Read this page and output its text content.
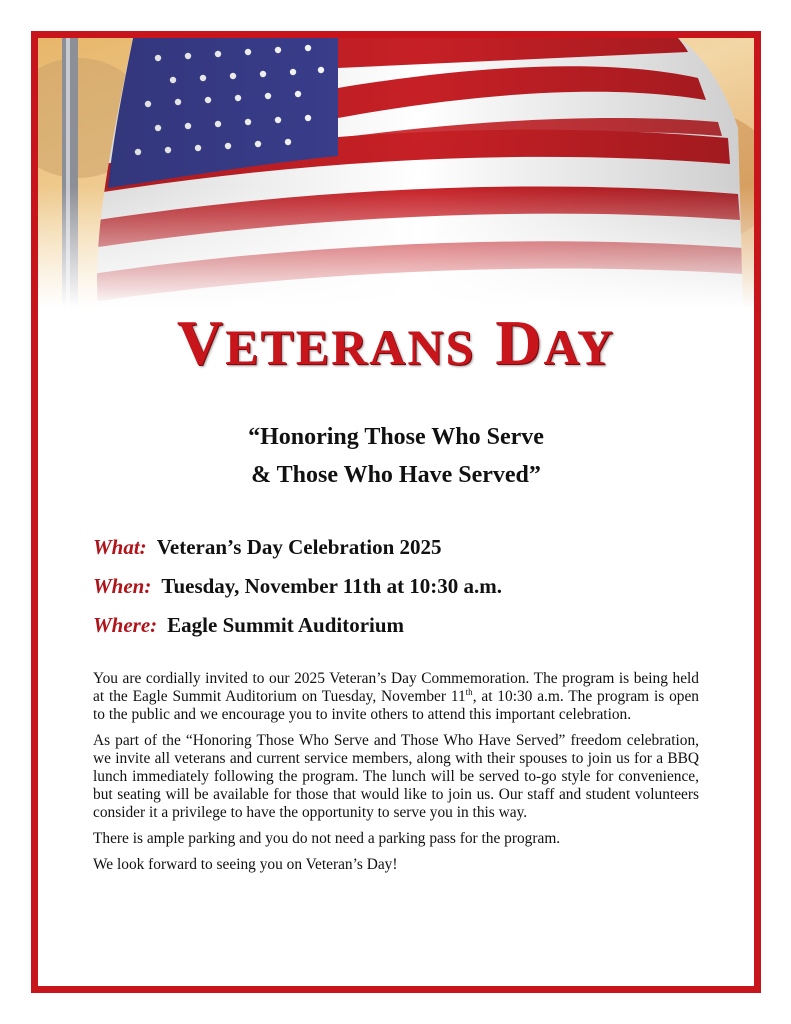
VETERANS DAY
“Honoring Those Who Serve
& Those Who Have Served”
What: Veteran’s Day Celebration 2025
When: Tuesday, November 11th at 10:30 a.m.
Where: Eagle Summit Auditorium

You are cordially invited to our 2025 Veteran’s Day Commemoration. The program is being held at the Eagle Summit Auditorium on Tuesday, November 11th, at 10:30 a.m. The program is open to the public and we encourage you to invite others to attend this important celebration.

As part of the “Honoring Those Who Serve and Those Who Have Served” freedom celebration, we invite all veterans and current service members, along with their spouses to join us for a BBQ lunch immediately following the program. The lunch will be served to-go style for convenience, but seating will be available for those that would like to join us. Our staff and student volunteers consider it a privilege to have the opportunity to serve you in this way.

There is ample parking and you do not need a parking pass for the program.

We look forward to seeing you on Veteran’s Day!
